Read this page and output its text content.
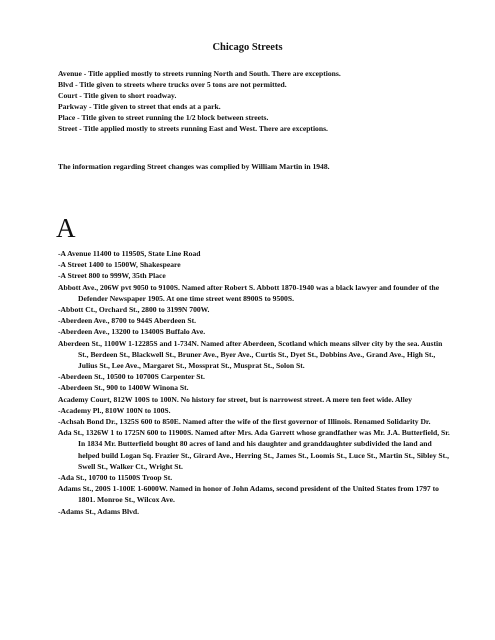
Chicago Streets
Avenue - Title applied mostly to streets running North and South. There are exceptions.
Blvd - Title given to streets where trucks over 5 tons are not permitted.
Court - Title given to short roadway.
Parkway - Title given to street that ends at a park.
Place - Title given to street running the 1/2 block between streets.
Street - Title applied mostly to streets running East and West. There are exceptions.
The information regarding Street changes was complied by William Martin in 1948.
A

-A Avenue 11400 to 11950S, State Line Road

-A Street 1400 to 1500W, Shakespeare

-A Street 800 to 999W, 35th Place

Abbott Ave., 206W pvt 9050 to 9100S. Named after Robert S. Abbott 1870-1940 was a black lawyer and founder of the Defender Newspaper 1905. At one time street went 8900S to 9500S.

-Abbott Ct., Orchard St., 2800 to 3199N 700W.

-Aberdeen Ave., 8700 to 944S Aberdeen St.

-Aberdeen Ave., 13200 to 13400S Buffalo Ave.

Aberdeen St., 1100W 1-12285S and 1-734N. Named after Aberdeen, Scotland which means silver city by the sea. Austin St., Berdeen St., Blackwell St., Bruner Ave., Byer Ave., Curtis St., Dyet St., Dobbins Ave., Grand Ave., High St., Julius St., Lee Ave., Margaret St., Mossprat St., Musprat St., Solon St.

-Aberdeen St., 10500 to 10700S Carpenter St.

-Aberdeen St., 900 to 1400W Winona St.

Academy Court, 812W 100S to 100N. No history for street, but is narrowest street. A mere ten feet wide. Alley

-Academy Pl., 810W 100N to 100S.

-Achsah Bond Dr., 1325S 600 to 850E. Named after the wife of the first governor of Illinois. Renamed Solidarity Dr.

Ada St., 1326W 1 to 1725N 600 to 11900S. Named after Mrs. Ada Garrett whose grandfather was Mr. J.A. Butterfield, Sr. In 1834 Mr. Butterfield bought 80 acres of land and his daughter and granddaughter subdivided the land and helped build Logan Sq. Frazier St., Girard Ave., Herring St., James St., Loomis St., Luce St., Martin St., Sibley St., Swell St., Walker Ct., Wright St.

-Ada St., 10700 to 11500S Troop St.

Adams St., 200S 1-100E 1-6000W. Named in honor of John Adams, second president of the United States from 1797 to 1801. Monroe St., Wilcox Ave.

-Adams St., Adams Blvd.
